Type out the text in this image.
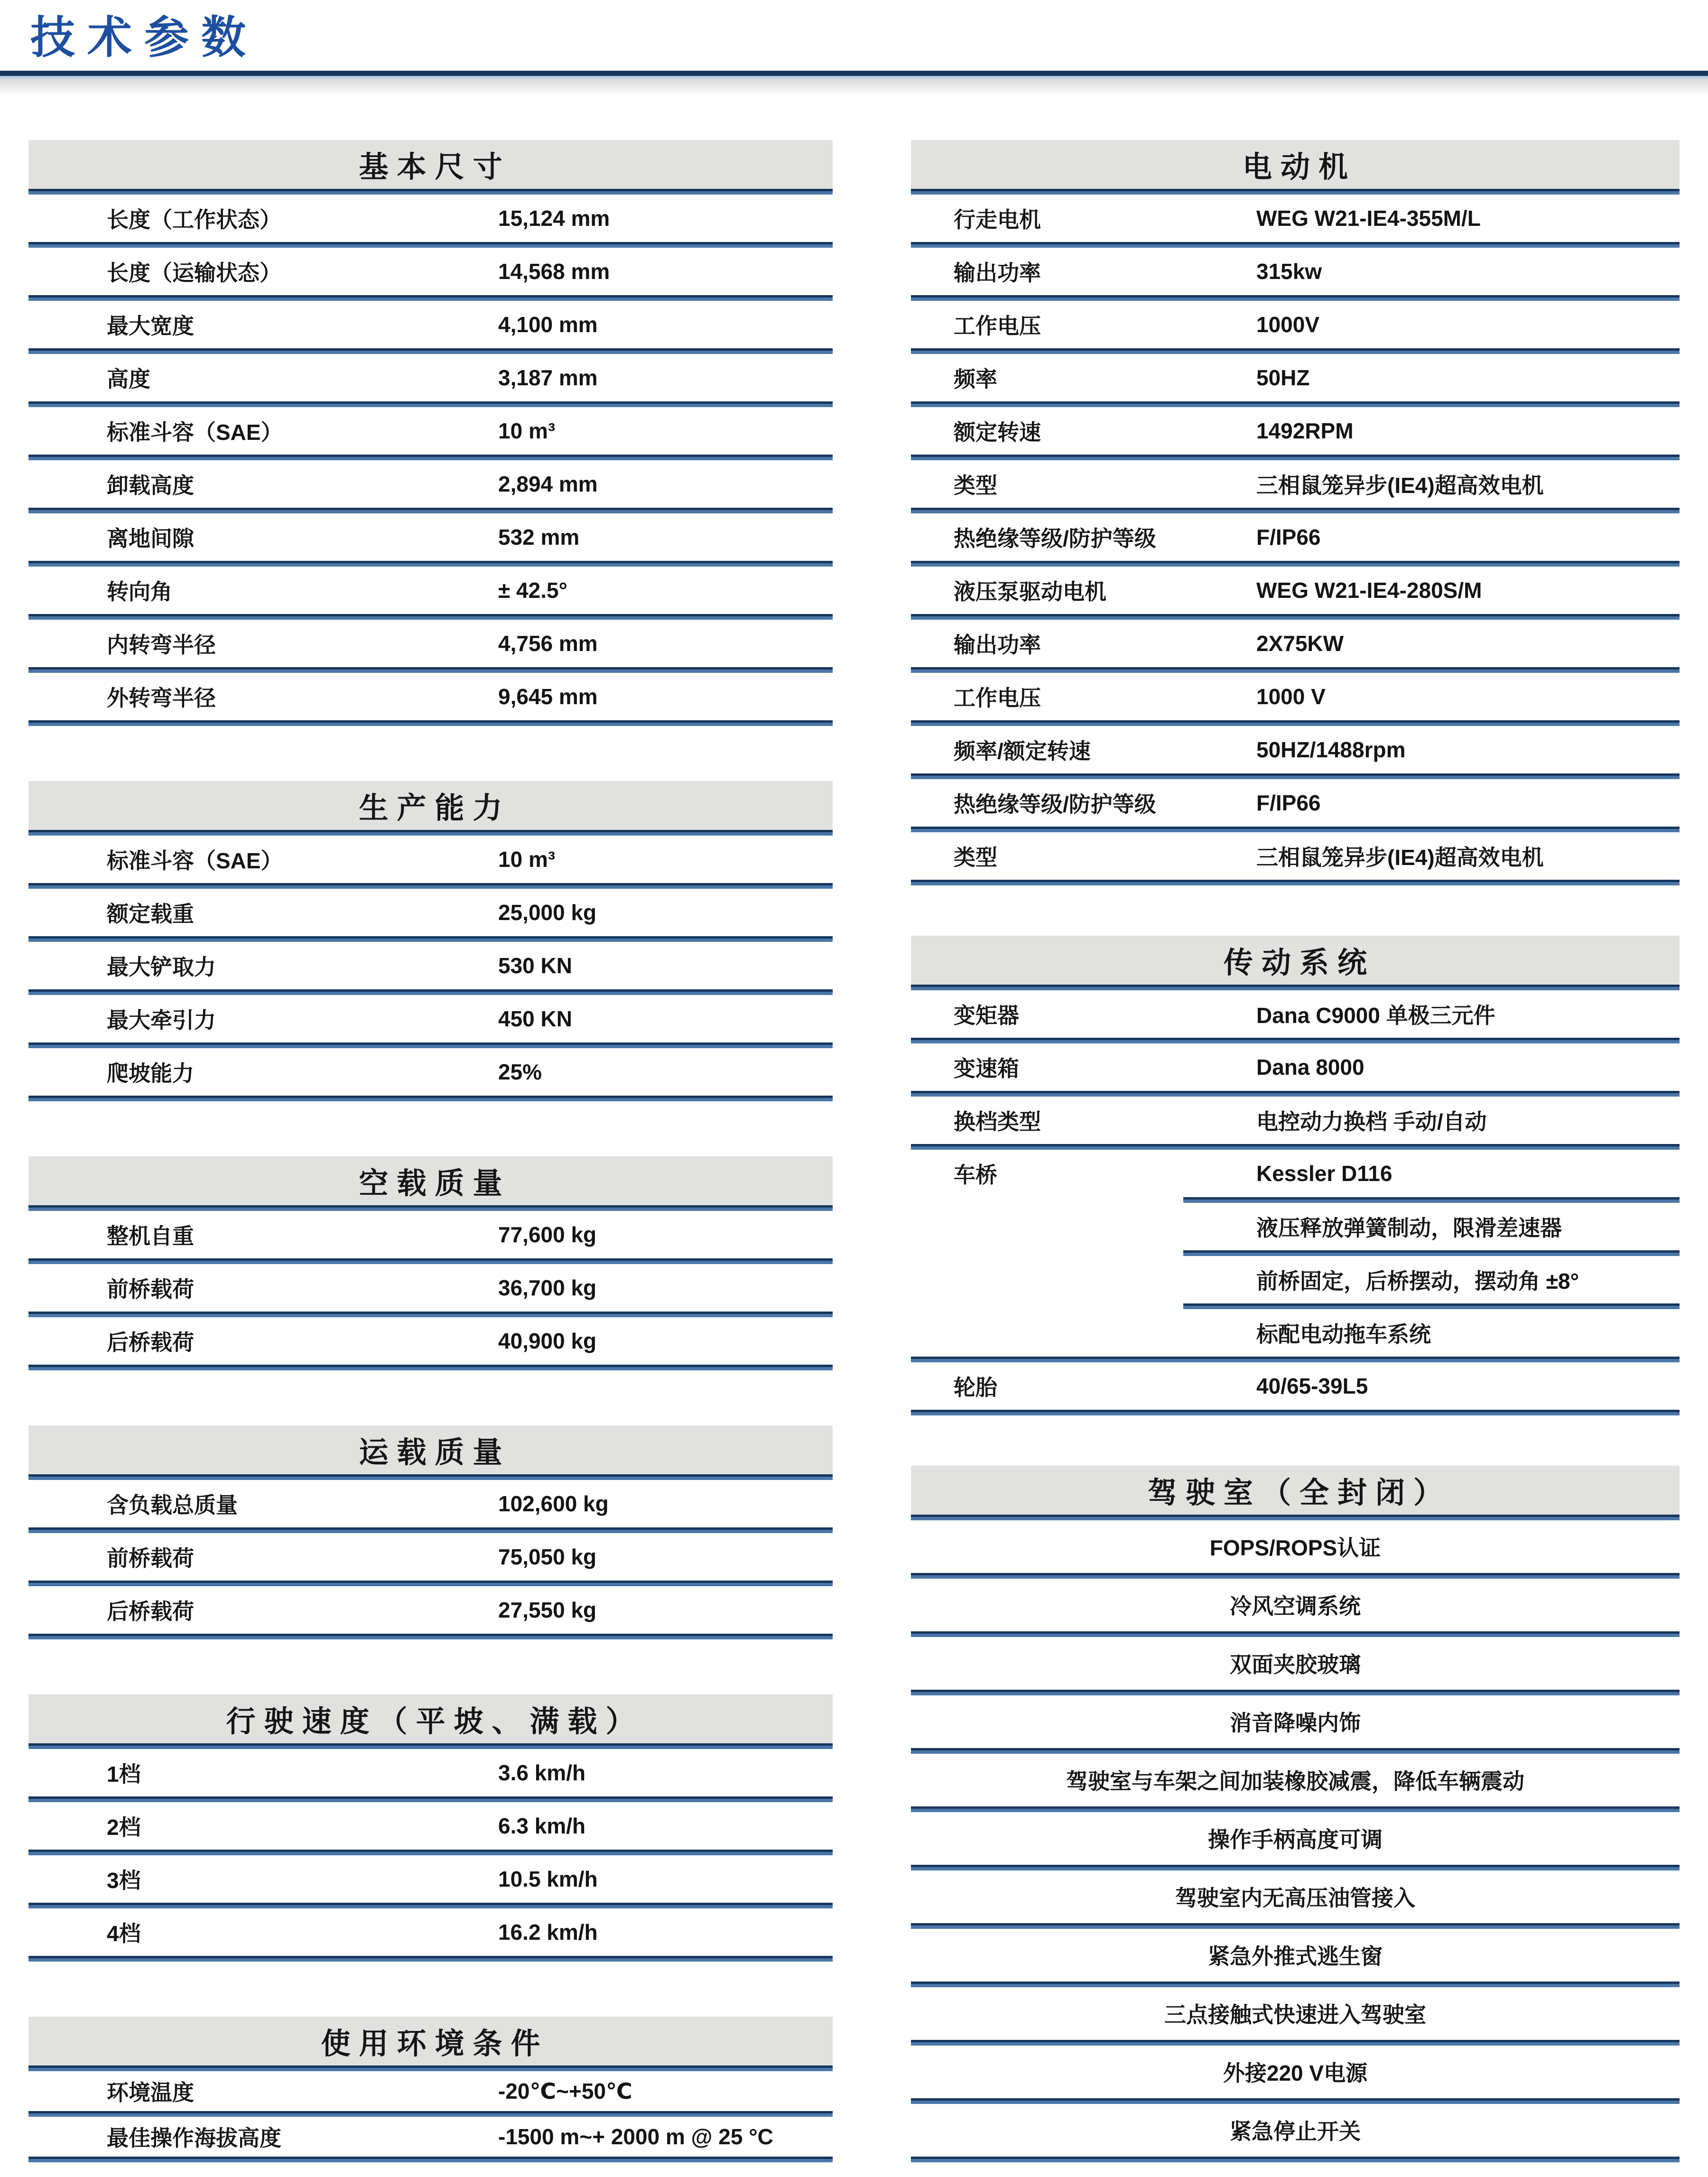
技术参数
基本尺寸
长度（工作状态）	15,124 mm
长度（运输状态）	14,568 mm
最大宽度	4,100 mm
高度	3,187 mm
标准斗容（SAE）	10 m³
卸载高度	2,894 mm
离地间隙	532 mm
转向角	± 42.5°
内转弯半径	4,756 mm
外转弯半径	9,645 mm
生产能力
标准斗容（SAE）	10 m³
额定载重	25,000 kg
最大铲取力	530 KN
最大牵引力	450 KN
爬坡能力	25%
空载质量
整机自重	77,600 kg
前桥载荷	36,700 kg
后桥载荷	40,900 kg
运载质量
含负载总质量	102,600 kg
前桥载荷	75,050 kg
后桥载荷	27,550 kg
行驶速度（平坡、满载）
1档	3.6 km/h
2档	6.3 km/h
3档	10.5 km/h
4档	16.2 km/h
使用环境条件
环境温度	-20℃~+50℃
最佳操作海拔高度	-1500 m~+ 2000 m @ 25 °C
电动机
行走电机	WEG W21-IE4-355M/L
输出功率	315kw
工作电压	1000V
频率	50HZ
额定转速	1492RPM
类型	三相鼠笼异步(IE4)超高效电机
热绝缘等级/防护等级	F/IP66
液压泵驱动电机	WEG W21-IE4-280S/M
输出功率	2X75KW
工作电压	1000 V
频率/额定转速	50HZ/1488rpm
热绝缘等级/防护等级	F/IP66
类型	三相鼠笼异步(IE4)超高效电机
传动系统
变矩器	Dana C9000 单极三元件
变速箱	Dana 8000
换档类型	电控动力换档 手动/自动
车桥	Kessler D116
液压释放弹簧制动，限滑差速器
前桥固定，后桥摆动，摆动角 ±8°
标配电动拖车系统
轮胎	40/65-39L5
驾驶室（全封闭）
FOPS/ROPS认证
冷风空调系统
双面夹胶玻璃
消音降噪内饰
驾驶室与车架之间加装橡胶减震，降低车辆震动
操作手柄高度可调
驾驶室内无高压油管接入
紧急外推式逃生窗
三点接触式快速进入驾驶室
外接220 V电源
紧急停止开关
